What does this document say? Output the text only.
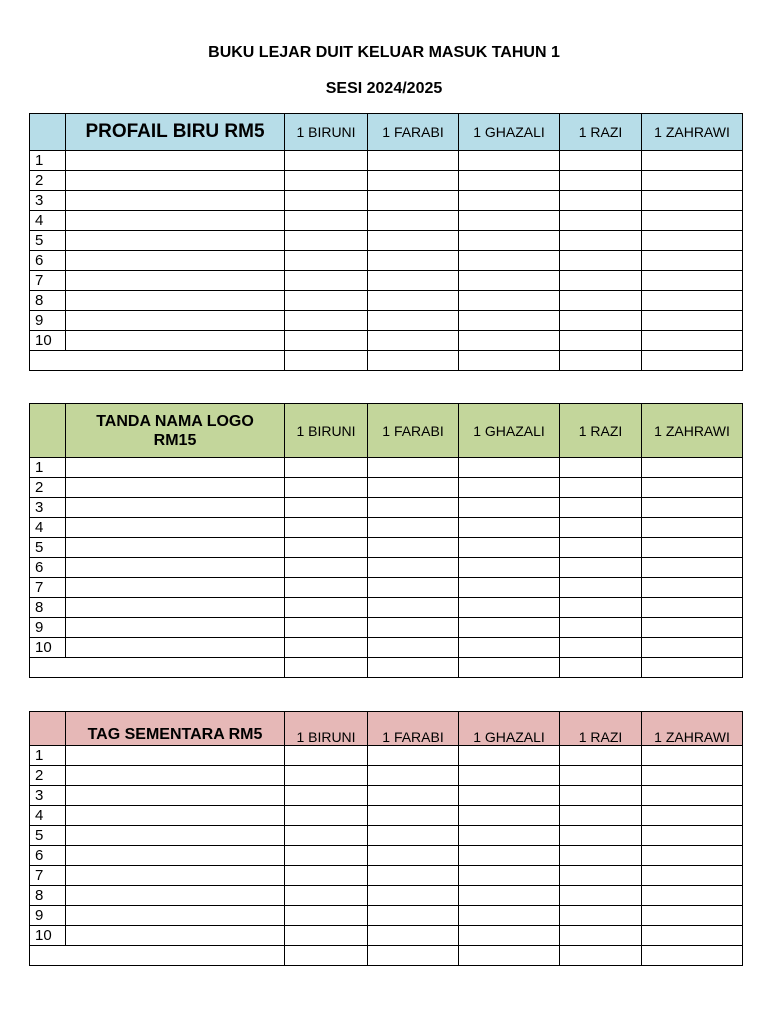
BUKU LEJAR DUIT KELUAR MASUK TAHUN 1
SESI 2024/2025
	PROFAIL BIRU RM5	1 BIRUNI	1 FARABI	1 GHAZALI	1 RAZI	1 ZAHRAWI
1						
2						
3						
4						
5						
6						
7						
8						
9						
10						

	TANDA NAMA LOGO RM15	1 BIRUNI	1 FARABI	1 GHAZALI	1 RAZI	1 ZAHRAWI
1						
2						
3						
4						
5						
6						
7						
8						
9						
10						

	TAG SEMENTARA RM5	1 BIRUNI	1 FARABI	1 GHAZALI	1 RAZI	1 ZAHRAWI
1						
2						
3						
4						
5						
6						
7						
8						
9						
10						
